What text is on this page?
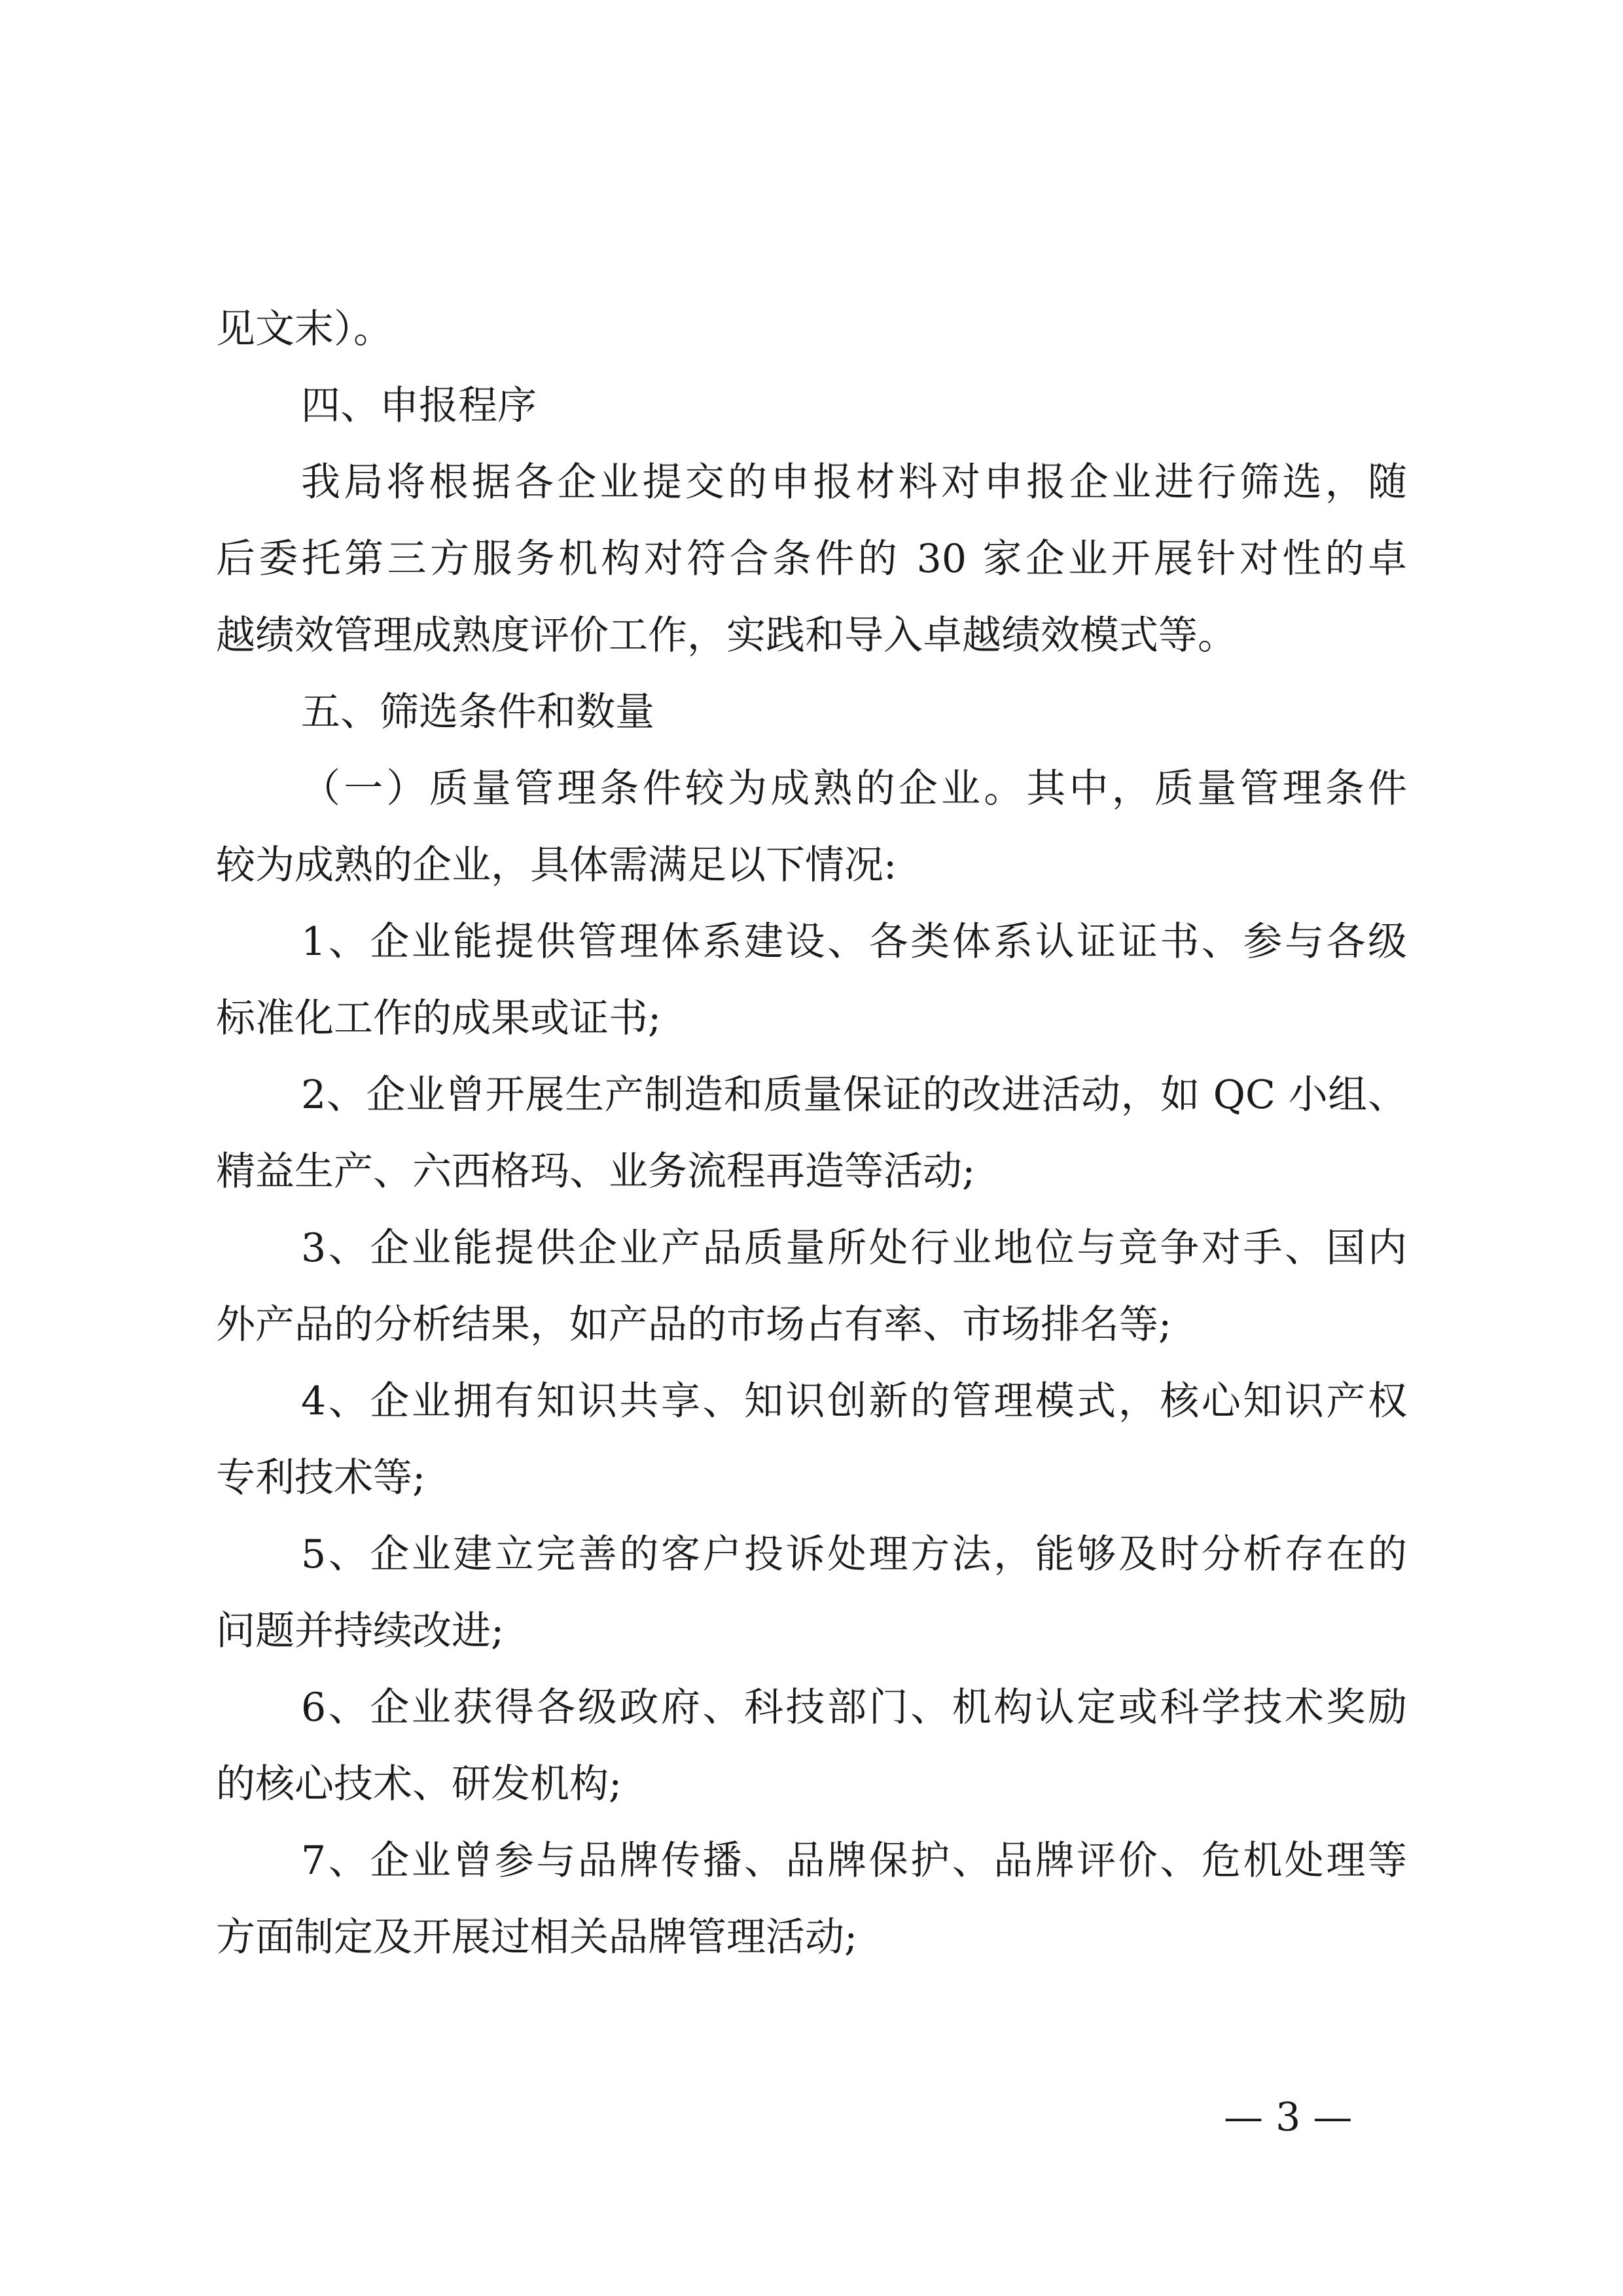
见文末）。
四、申报程序
我局将根据各企业提交的申报材料对申报企业进行筛选，随
后委托第三方服务机构对符合条件的 30 家企业开展针对性的卓
越绩效管理成熟度评价工作，实践和导入卓越绩效模式等。
五、筛选条件和数量
（一）质量管理条件较为成熟的企业。其中，质量管理条件
较为成熟的企业，具体需满足以下情况:
1、企业能提供管理体系建设、各类体系认证证书、参与各级
标准化工作的成果或证书;
2、企业曾开展生产制造和质量保证的改进活动，如 QC 小组、
精益生产、六西格玛、业务流程再造等活动;
3、企业能提供企业产品质量所处行业地位与竞争对手、国内
外产品的分析结果，如产品的市场占有率、市场排名等;
4、企业拥有知识共享、知识创新的管理模式，核心知识产权
专利技术等;
5、企业建立完善的客户投诉处理方法，能够及时分析存在的
问题并持续改进;
6、企业获得各级政府、科技部门、机构认定或科学技术奖励
的核心技术、研发机构;
7、企业曾参与品牌传播、品牌保护、品牌评价、危机处理等
方面制定及开展过相关品牌管理活动;
— 3 —
